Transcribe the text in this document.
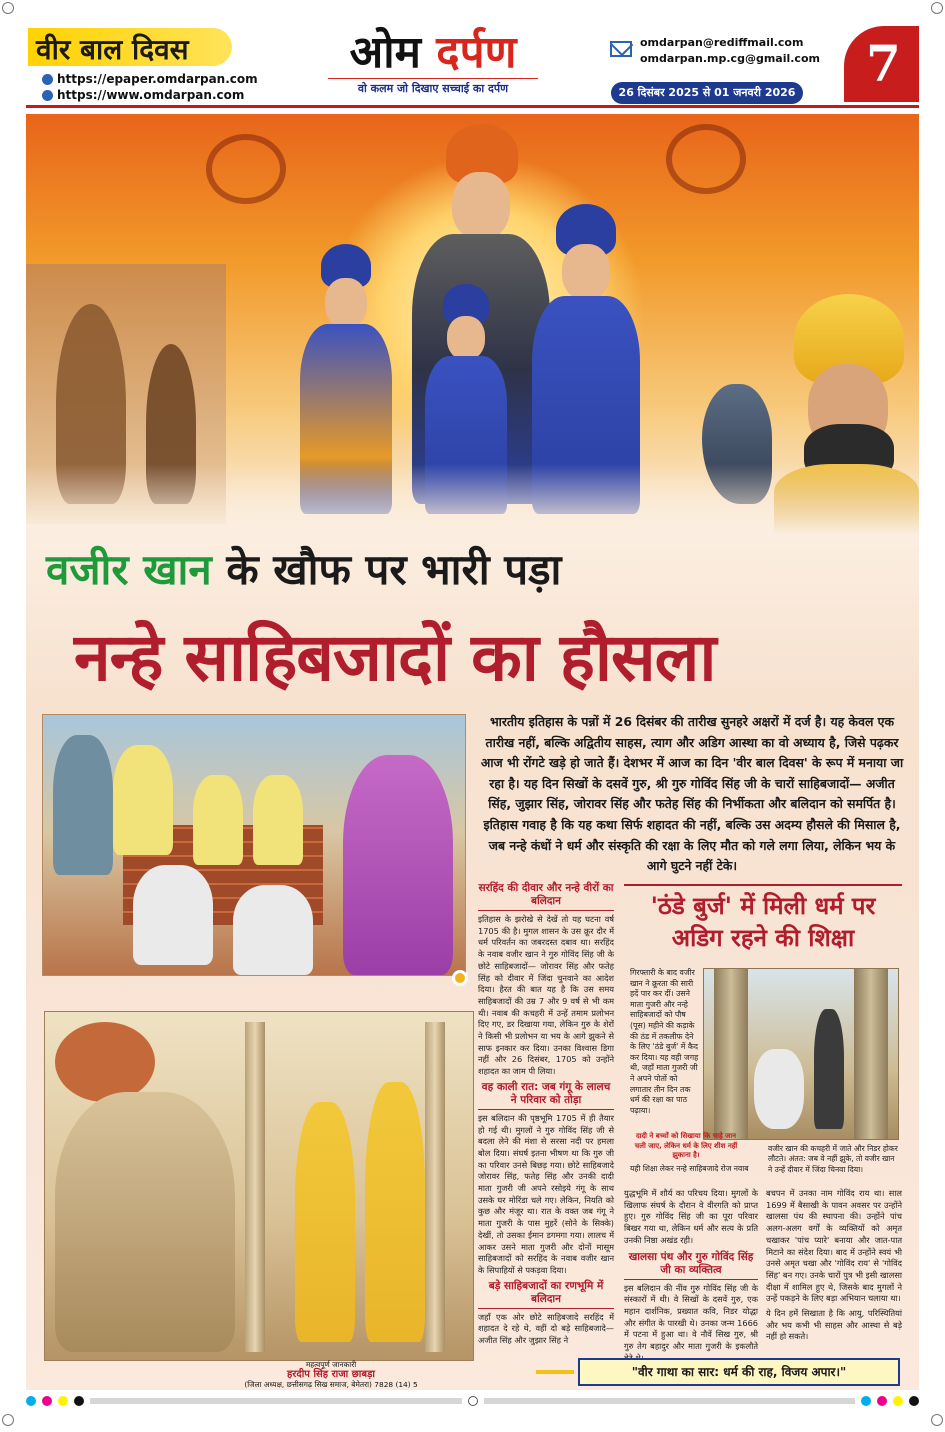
वीर बाल दिवस
https://epaper.omdarpan.com
https://www.omdarpan.com
ओम दर्पण
वो कलम जो दिखाए सच्चाई का दर्पण
omdarpan@rediffmail.com
omdarpan.mp.cg@gmail.com
26 दिसंबर 2025 से 01 जनवरी 2026 7
वजीर खान के खौफ पर भारी पड़ा
नन्हे साहिबजादों का हौसला
भारतीय इतिहास के पन्नों में 26 दिसंबर की तारीख सुनहरे अक्षरों में दर्ज है। यह केवल एक तारीख नहीं, बल्कि अद्वितीय साहस, त्याग और अडिग आस्था का वो अध्याय है, जिसे पढ़कर आज भी रोंगटे खड़े हो जाते हैं। देशभर में आज का दिन 'वीर बाल दिवस' के रूप में मनाया जा रहा है। यह दिन सिखों के दसवें गुरु, श्री गुरु गोविंद सिंह जी के चारों साहिबजादों— अजीत सिंह, जुझार सिंह, जोरावर सिंह और फतेह सिंह की निर्भीकता और बलिदान को समर्पित है। इतिहास गवाह है कि यह कथा सिर्फ शहादत की नहीं, बल्कि उस अदम्य हौसले की मिसाल है, जब नन्हे कंधों ने धर्म और संस्कृति की रक्षा के लिए मौत को गले लगा लिया, लेकिन भय के आगे घुटने नहीं टेके।
सरहिंद की दीवार और नन्हे वीरों का बलिदान
इतिहास के झरोखे से देखें तो यह घटना वर्ष 1705 की है। मुगल शासन के उस क्रूर दौर में धर्म परिवर्तन का जबरदस्त दबाव था। सरहिंद के नवाब वजीर खान ने गुरु गोविंद सिंह जी के छोटे साहिबजादों— जोरावर सिंह और फतेह सिंह को दीवार में जिंदा चुनवाने का आदेश दिया। हैरत की बात यह है कि उस समय साहिबजादों की उम्र 7 और 9 वर्ष से भी कम थी। नवाब की कचहरी में उन्हें तमाम प्रलोभन दिए गए, डर दिखाया गया, लेकिन गुरु के शेरों ने किसी भी प्रलोभन या भय के आगे झुकने से साफ इनकार कर दिया। उनका विश्वास डिगा नहीं और 26 दिसंबर, 1705 को उन्होंने शहादत का जाम पी लिया।
वह काली रात: जब गंगू के लालच ने परिवार को तोड़ा
इस बलिदान की पृष्ठभूमि 1705 में ही तैयार हो गई थी। मुगलों ने गुरु गोविंद सिंह जी से बदला लेने की मंशा से सरसा नदी पर हमला बोल दिया। संघर्ष इतना भीषण था कि गुरु जी का परिवार उनसे बिछड़ गया। छोटे साहिबजादे जोरावर सिंह, फतेह सिंह और उनकी दादी माता गुजरी जी अपने रसोइये गंगू के साथ उसके घर मोरिंडा चले गए। लेकिन, नियति को कुछ और मंजूर था। रात के वक्त जब गंगू ने माता गुजरी के पास मुहरें (सोने के सिक्के) देखीं, तो उसका ईमान डगमगा गया। लालच में आकर उसने माता गुजरी और दोनों मासूम साहिबजादों को सरहिंद के नवाब वजीर खान के सिपाहियों से पकड़वा दिया।
बड़े साहिबजादों का रणभूमि में बलिदान
जहाँ एक ओर छोटे साहिबजादे सरहिंद में शहादत दे रहे थे, वहीं दो बड़े साहिबजादे— अजीत सिंह और जुझार सिंह ने
'ठंडे बुर्ज' में मिली धर्म पर अडिग रहने की शिक्षा
गिरफ्तारी के बाद वजीर खान ने क्रूरता की सारी हदें पार कर दीं। उसने माता गुजरी और नन्हे साहिबजादों को पौष (पूस) महीने की कड़ाके की ठंड में तकलीफ देने के लिए 'ठंडे बुर्ज' में कैद कर दिया। यह वही जगह थी, जहाँ माता गुजरी जी ने अपने पोतों को लगातार तीन दिन तक धर्म की रक्षा का पाठ पढ़ाया।
दादी ने बच्चों को सिखाया कि चाहे जान चली जाए, लेकिन धर्म के लिए शीश नहीं झुकाना है।
यही शिक्षा लेकर नन्हे साहिबजादे रोज नवाब
वजीर खान की कचहरी में जाते और निडर होकर लौटते। अंतत: जब वे नहीं झुके, तो वजीर खान ने उन्हें दीवार में जिंदा चिनवा दिया।
युद्धभूमि में शौर्य का परिचय दिया। मुगलों के खिलाफ संघर्ष के दौरान वे वीरगति को प्राप्त हुए। गुरु गोविंद सिंह जी का पूरा परिवार बिखर गया था, लेकिन धर्म और सत्य के प्रति उनकी निष्ठा अखंड रही।
खालसा पंथ और गुरु गोविंद सिंह जी का व्यक्तित्व
इस बलिदान की नींव गुरु गोविंद सिंह जी के संस्कारों में थी। वे सिखों के दसवें गुरु, एक महान दार्शनिक, प्रख्यात कवि, निडर योद्धा और संगीत के पारखी थे। उनका जन्म 1666 में पटना में हुआ था। वे नौवें सिख गुरु, श्री गुरु तेग बहादुर और माता गुजरी के इकलौते
बचपन में उनका नाम गोविंद राय था। साल 1699 में बैसाखी के पावन अवसर पर उन्होंने खालसा पंथ की स्थापना की। उन्होंने पांच अलग-अलग वर्गों के व्यक्तियों को अमृत चखाकर 'पांच प्यारे' बनाया और जात-पात मिटाने का संदेश दिया। बाद में उन्होंने स्वयं भी उनसे अमृत चखा और 'गोविंद राय' से 'गोविंद सिंह' बन गए। उनके चारों पुत्र भी इसी खालसा दीक्षा में शामिल हुए थे, जिसके बाद मुगलों ने उन्हें पकड़ने के लिए बड़ा अभियान चलाया था।
ये दिन हमें सिखाता है कि आयु, परिस्थितियां और भय कभी भी साहस और आस्था से बड़े नहीं हो सकते।
महत्वपूर्ण जानकारी
हरदीप सिंह राजा छाबड़ा
(जिला अध्यक्ष, छत्तीसगढ़ सिख समाज, बेमेतरा) 7828 (14) 5
"वीर गाथा का सार: धर्म की राह, विजय अपार।"
